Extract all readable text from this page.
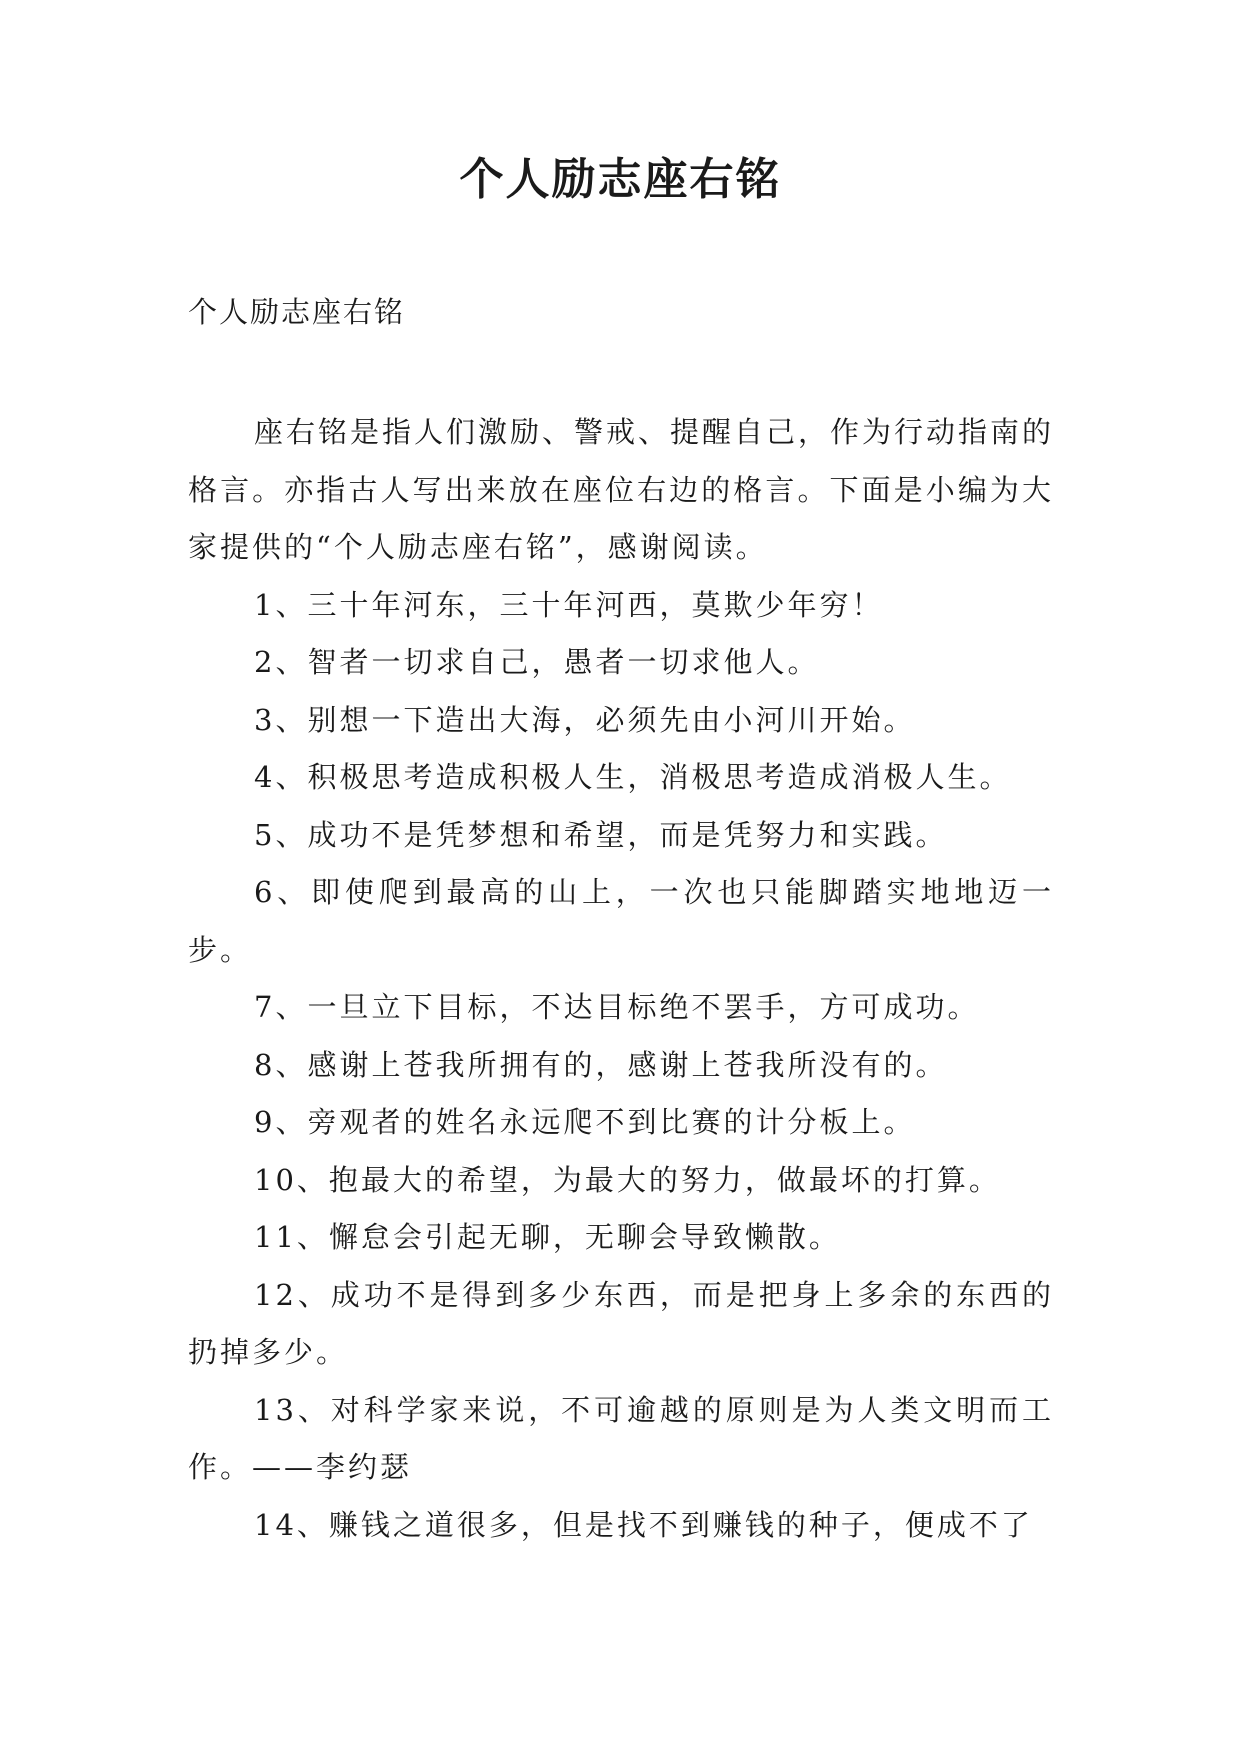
个人励志座右铭

个人励志座右铭

座右铭是指人们激励、警戒、提醒自己，作为行动指南的格言。亦指古人写出来放在座位右边的格言。下面是小编为大家提供的“个人励志座右铭”，感谢阅读。

1、三十年河东，三十年河西，莫欺少年穷！

2、智者一切求自己，愚者一切求他人。

3、别想一下造出大海，必须先由小河川开始。

4、积极思考造成积极人生，消极思考造成消极人生。

5、成功不是凭梦想和希望，而是凭努力和实践。

6、即使爬到最高的山上，一次也只能脚踏实地地迈一步。

7、一旦立下目标，不达目标绝不罢手，方可成功。

8、感谢上苍我所拥有的，感谢上苍我所没有的。

9、旁观者的姓名永远爬不到比赛的计分板上。

10、抱最大的希望，为最大的努力，做最坏的打算。

11、懈怠会引起无聊，无聊会导致懒散。

12、成功不是得到多少东西，而是把身上多余的东西的扔掉多少。

13、对科学家来说，不可逾越的原则是为人类文明而工作。——李约瑟

14、赚钱之道很多，但是找不到赚钱的种子，便成不了
